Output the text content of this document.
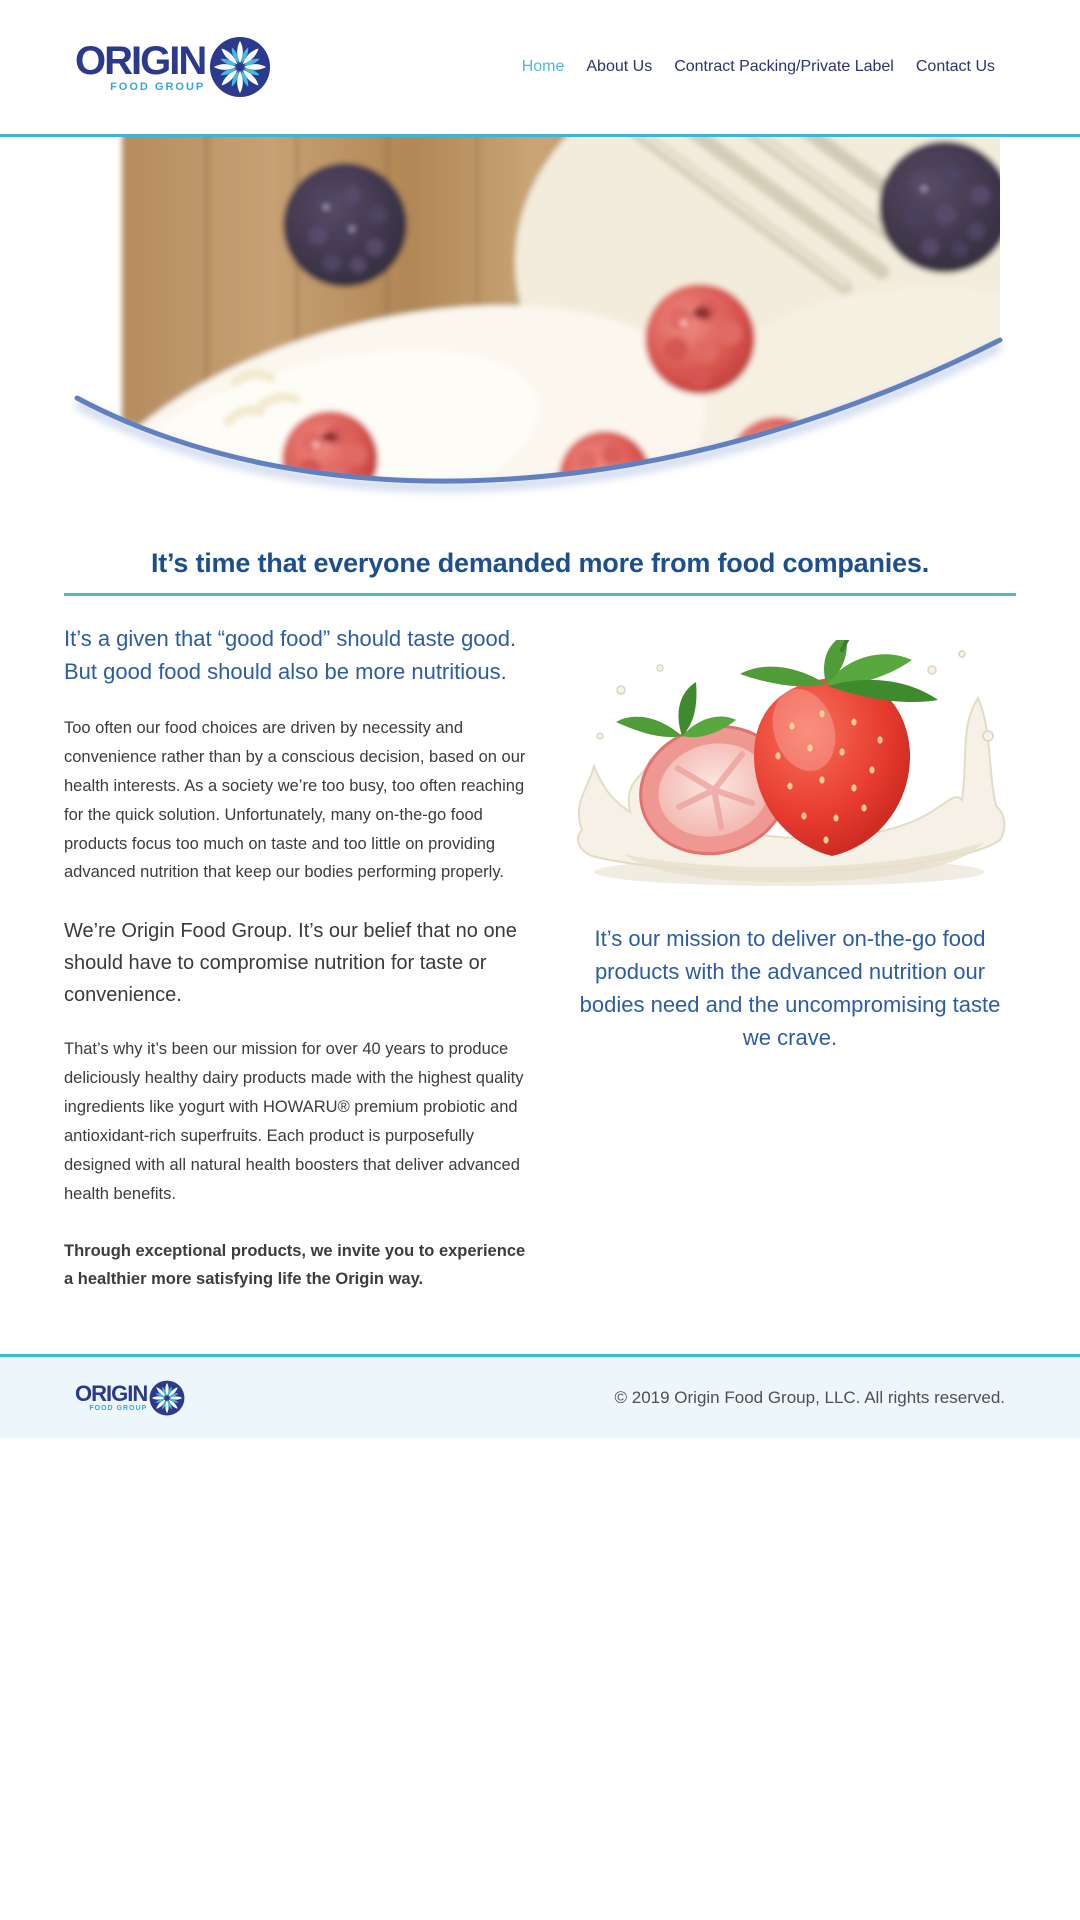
ORIGIN
FOOD GROUP
Home About Us Contract Packing/Private Label Contact Us
It’s time that everyone demanded more from food companies.
It’s a given that “good food” should taste good. But good food should also be more nutritious.

Too often our food choices are driven by necessity and convenience rather than by a conscious decision, based on our health interests. As a society we’re too busy, too often reaching for the quick solution. Unfortunately, many on-the-go food products focus too much on taste and too little on providing advanced nutrition that keep our bodies performing properly.

We’re Origin Food Group. It’s our belief that no one should have to compromise nutrition for taste or convenience.

That’s why it’s been our mission for over 40 years to produce deliciously healthy dairy products made with the highest quality ingredients like yogurt with HOWARU® premium probiotic and antioxidant-rich superfruits. Each product is purposefully designed with all natural health boosters that deliver advanced health benefits.

Through exceptional products, we invite you to experience a healthier more satisfying life the Origin way.

It’s our mission to deliver on-the-go food products with the advanced nutrition our bodies need and the uncompromising taste we crave.

ORIGIN
FOOD GROUP
© 2019 Origin Food Group, LLC. All rights reserved.
